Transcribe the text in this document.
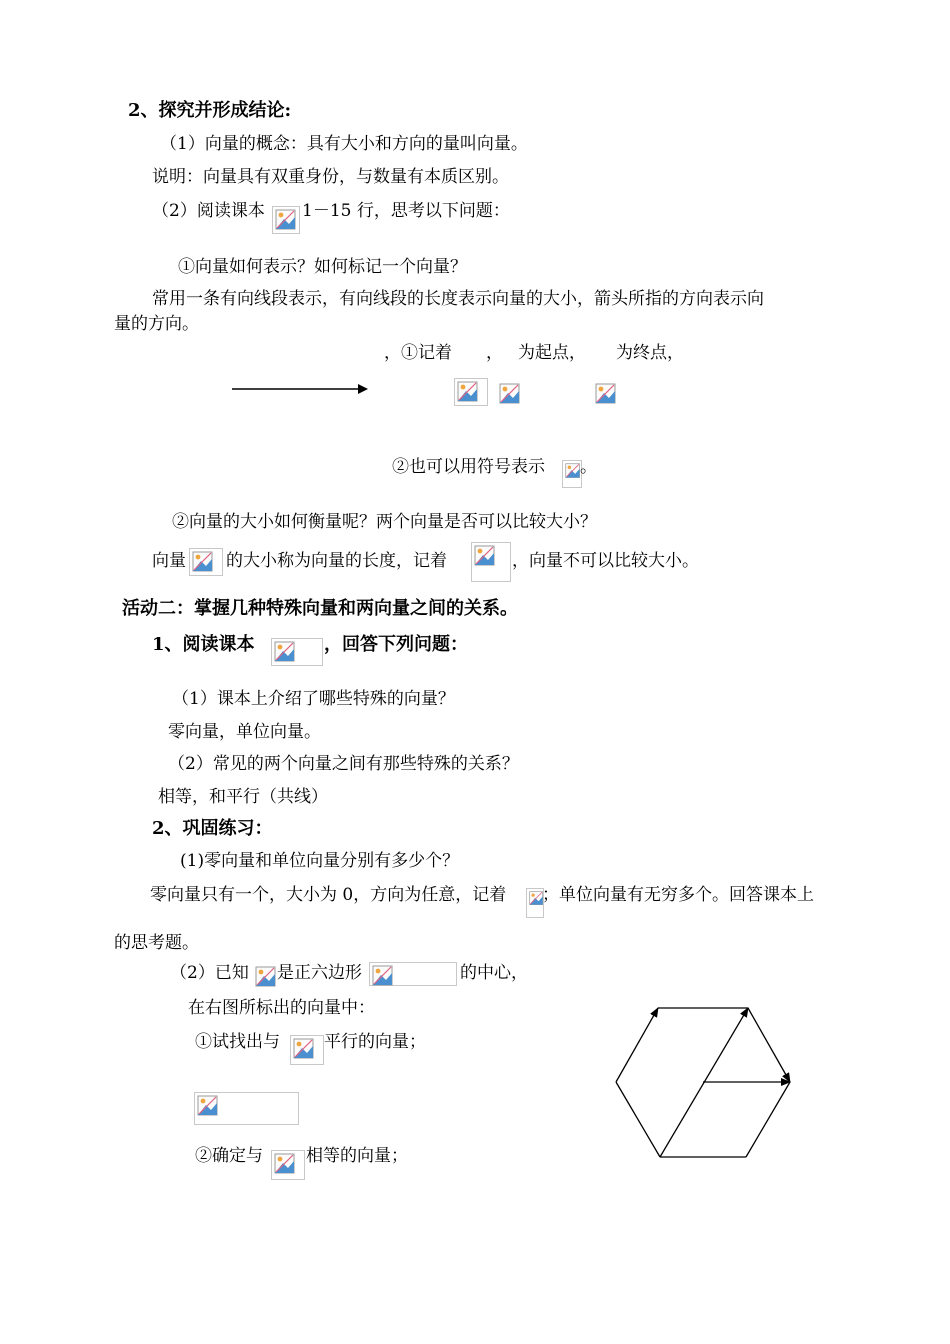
2、探究并形成结论:
（1）向量的概念：具有大小和方向的量叫向量。
说明：向量具有双重身份，与数量有本质区别。
（2）阅读课本 1－15 行，思考以下问题：
①向量如何表示？如何标记一个向量？
常用一条有向线段表示，有向线段的长度表示向量的大小，箭头所指的方向表示向
量的方向。
，①记着 ， 为起点， 为终点，
②也可以用符号表示 。
②向量的大小如何衡量呢？两个向量是否可以比较大小？
向量 的大小称为向量的长度，记着	，向量不可以比较大小。
活动二：掌握几种特殊向量和两向量之间的关系。
1、阅读课本	，回答下列问题：
（1）课本上介绍了哪些特殊的向量？
零向量，单位向量。
（2）常见的两个向量之间有那些特殊的关系？
相等，和平行（共线）
2、巩固练习：
(1)零向量和单位向量分别有多少个？
零向量只有一个，大小为 0，方向为任意，记着 ；单位向量有无穷多个。回答课本上
的思考题。
（2）已知 是正六边形	的中心，
在右图所标出的向量中：
①试找出与	平行的向量；
②确定与	相等的向量；
